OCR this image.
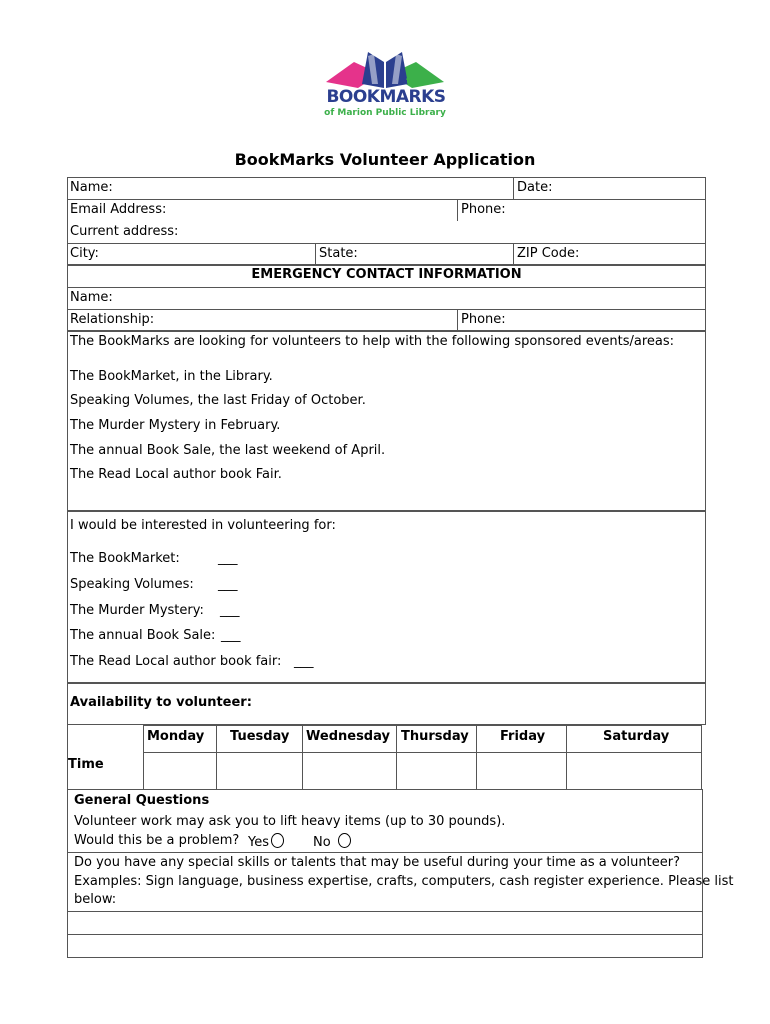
the
BOOKMARKS
of Marion Public Library
BookMarks Volunteer Application
Name:	Date:
Email Address:	Phone:
Current address:
City:	State:	ZIP Code:
EMERGENCY CONTACT INFORMATION
Name:
Relationship:	Phone:
The BookMarks are looking for volunteers to help with the following sponsored events/areas:
The BookMarket, in the Library.
Speaking Volumes, the last Friday of October.
The Murder Mystery in February.
The annual Book Sale, the last weekend of April.
The Read Local author book Fair.
I would be interested in volunteering for:
The BookMarket:	___
Speaking Volumes: ___
The Murder Mystery: ___
The annual Book Sale: ___
The Read Local author book fair: ___
Availability to volunteer:
Monday Tuesday Wednesday Thursday Friday	Saturday
Time
General Questions
Volunteer work may ask you to lift heavy items (up to 30 pounds).
Would this be a problem? Yes	No
Do you have any special skills or talents that may be useful during your time as a volunteer?
Examples: Sign language, business expertise, crafts, computers, cash register experience. Please list
below:
